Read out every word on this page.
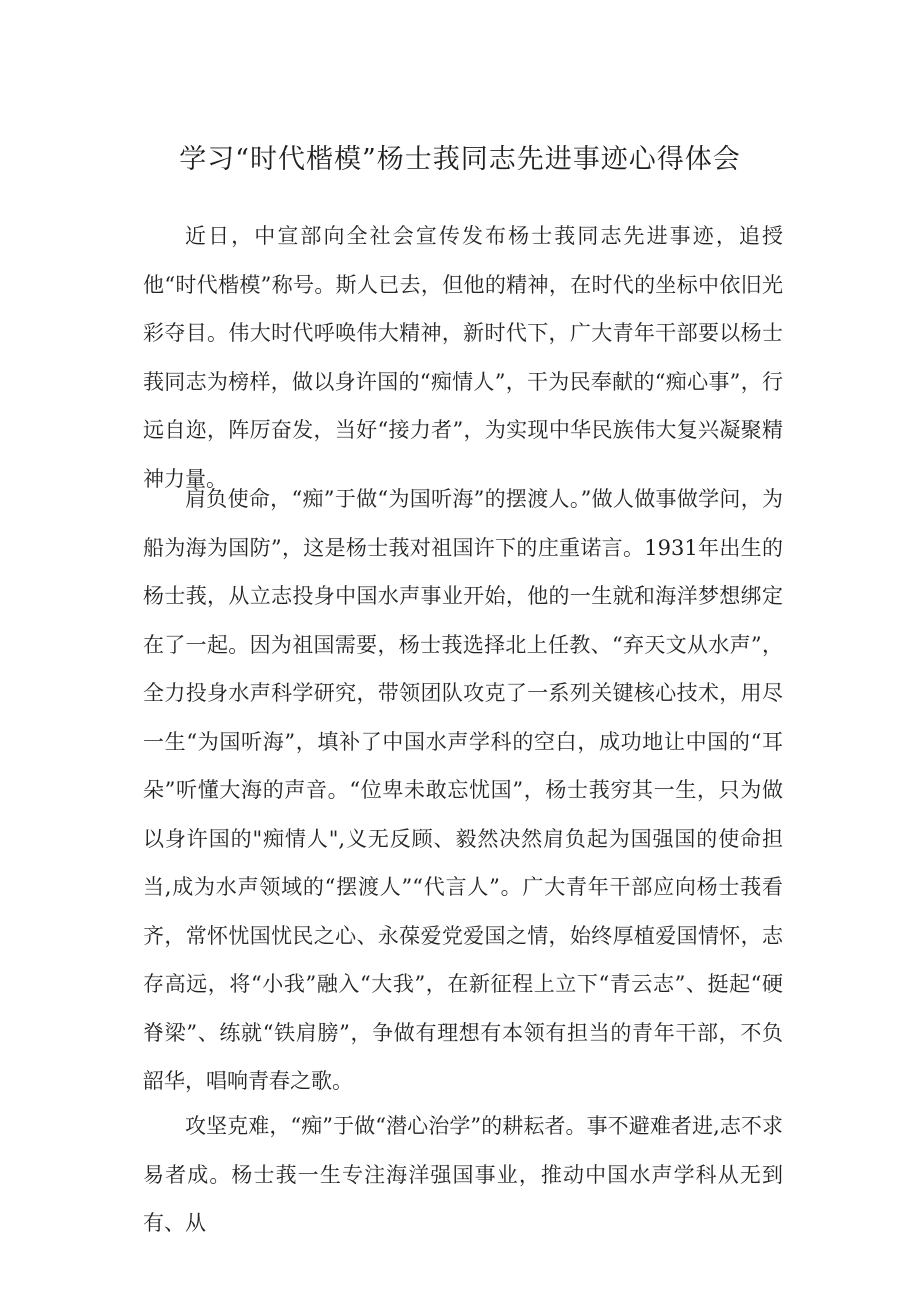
学习“时代楷模”杨士莪同志先进事迹心得体会

近日，中宣部向全社会宣传发布杨士莪同志先进事迹，追授他“时代楷模”称号。斯人已去，但他的精神，在时代的坐标中依旧光彩夺目。伟大时代呼唤伟大精神，新时代下，广大青年干部要以杨士莪同志为榜样，做以身许国的“痴情人”，干为民奉献的“痴心事”，行远自迩，阵厉奋发，当好“接力者”，为实现中华民族伟大复兴凝聚精神力量。

肩负使命，“痴”于做“为国听海”的摆渡人。”做人做事做学问，为船为海为国防”，这是杨士莪对祖国许下的庄重诺言。1931年出生的杨士莪，从立志投身中国水声事业开始，他的一生就和海洋梦想绑定在了一起。因为祖国需要，杨士莪选择北上任教、“弃天文从水声”，全力投身水声科学研究，带领团队攻克了一系列关键核心技术，用尽一生“为国听海”，填补了中国水声学科的空白，成功地让中国的“耳朵”听懂大海的声音。“位卑未敢忘忧国”，杨士莪穷其一生，只为做以身许国的"痴情人",义无反顾、毅然决然肩负起为国强国的使命担当,成为水声领域的“摆渡人”“代言人”。广大青年干部应向杨士莪看齐，常怀忧国忧民之心、永葆爱党爱国之情，始终厚植爱国情怀，志存高远，将“小我”融入“大我”，在新征程上立下“青云志”、挺起“硬脊梁”、练就“铁肩膀”，争做有理想有本领有担当的青年干部，不负韶华，唱响青春之歌。

攻坚克难，“痴”于做“潜心治学”的耕耘者。事不避难者进,志不求易者成。杨士莪一生专注海洋强国事业，推动中国水声学科从无到有、从
